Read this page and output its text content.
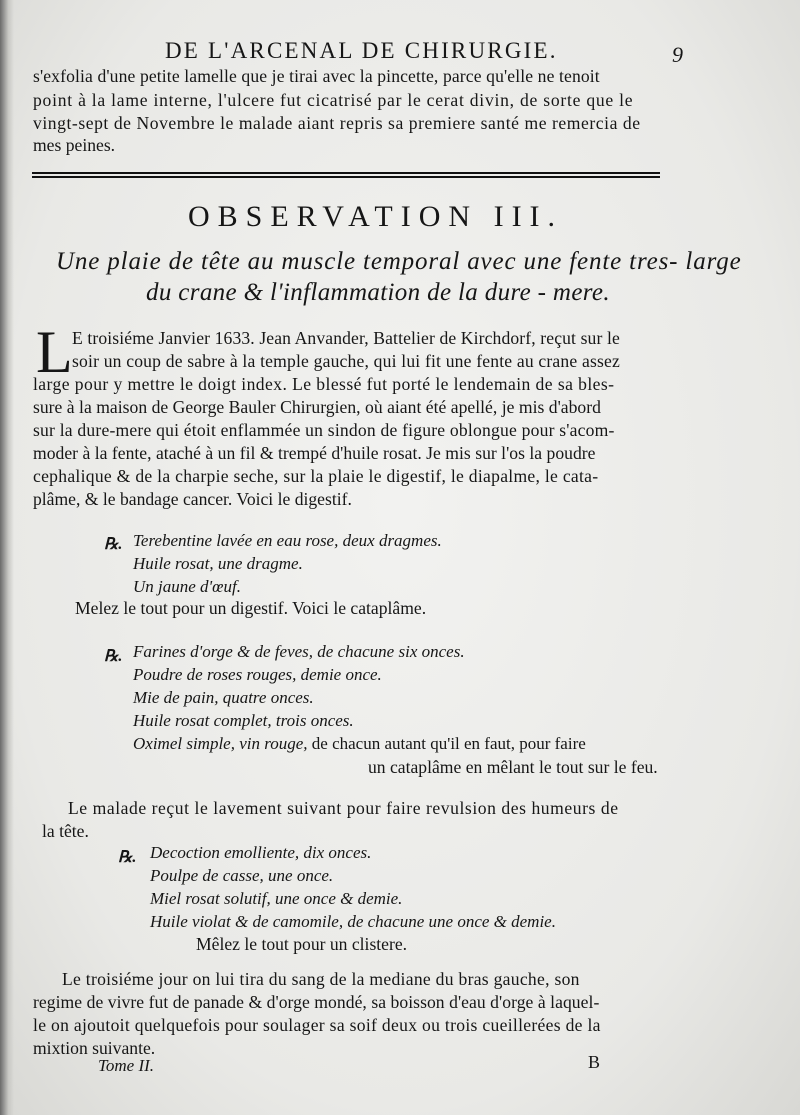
DE L'ARCENAL DE CHIRURGIE.	9
s'exfolia d'une petite lamelle que je tirai avec la pincette, parce qu'elle ne tenoit
point à la lame interne, l'ulcere fut cicatrisé par le cerat divin, de sorte que le
vingt-sept de Novembre le malade aiant repris sa premiere santé me remercia de
mes peines.
OBSERVATION III.
Une plaie de tête au muscle temporal avec une fente tres- large
du crane & l'inflammation de la dure - mere.
L E troisiéme Janvier 1633. Jean Anvander, Battelier de Kirchdorf, reçut sur le
soir un coup de sabre à la temple gauche, qui lui fit une fente au crane assez
large pour y mettre le doigt index. Le blessé fut porté le lendemain de sa bles-
sure à la maison de George Bauler Chirurgien, où aiant été apellé, je mis d'abord
sur la dure-mere qui étoit enflammée un sindon de figure oblongue pour s'acom-
moder à la fente, ataché à un fil & trempé d'huile rosat. Je mis sur l'os la poudre
cephalique & de la charpie seche, sur la plaie le digestif, le diapalme, le cata-
plâme, & le bandage cancer. Voici le digestif.
℞. Terebentine lavée en eau rose, deux dragmes.
Huile rosat, une dragme.
Un jaune d'œuf.
Melez le tout pour un digestif. Voici le cataplâme.
℞. Farines d'orge & de feves, de chacune six onces.
Poudre de roses rouges, demie once.
Mie de pain, quatre onces.
Huile rosat complet, trois onces.
Oximel simple, vin rouge, de chacun autant qu'il en faut, pour faire
un cataplâme en mêlant le tout sur le feu.
Le malade reçut le lavement suivant pour faire revulsion des humeurs de
la tête.
℞. Decoction emolliente, dix onces.
Poulpe de casse, une once.
Miel rosat solutif, une once & demie.
Huile violat & de camomile, de chacune une once & demie.
Mêlez le tout pour un clistere.
Le troisiéme jour on lui tira du sang de la mediane du bras gauche, son
regime de vivre fut de panade & d'orge mondé, sa boisson d'eau d'orge à laquel-
le on ajoutoit quelquefois pour soulager sa soif deux ou trois cueillerées de la
mixtion suivante.
Tome II.	B
